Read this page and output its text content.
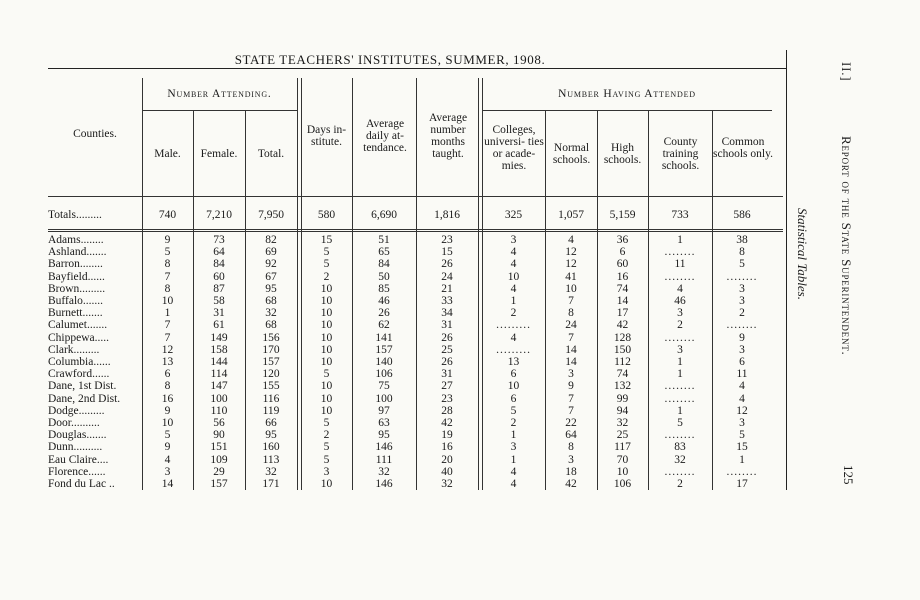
STATE TEACHERS' INSTITUTES, SUMMER, 1908.
Counties.
Number Attending.
Male.	Female.	Total.
Days in- stitute.
Average daily at- tendance.
Average number months taught.
Number Having Attended
Colleges, universi- ties or acade- mies.
Normal schools.
High schools.
County training schools.
Common schools only.
Totals.........	740	7,210	7,950	580	6,690	1,816	325	1,057	5,159	733	586
Adams........	9	73	82	15	51	23	3	4	36	1	38
Ashland.......	5	64	69	5	65	15	4	12	6	........	8
Barron........	8	84	92	5	84	26	4	12	60	11	5
Bayfield......	7	60	67	2	50	24	10	41	16	........	........
Brown.........	8	87	95	10	85	21	4	10	74	4	3
Buffalo.......	10	58	68	10	46	33	1	7	14	46	3
Burnett.......	1	31	32	10	26	34	2	8	17	3	2
Calumet.......	7	61	68	10	62	31	.........	24	42	2	........
Chippewa.....	7	149	156	10	141	26	4	7	128	........	9
Clark.........	12	158	170	10	157	25	.........	14	150	3	3
Columbia......	13	144	157	10	140	26	13	14	112	1	6
Crawford......	6	114	120	5	106	31	6	3	74	1	11
Dane, 1st Dist.	8	147	155	10	75	27	10	9	132	........	4
Dane, 2nd Dist.	16	100	116	10	100	23	6	7	99	........	4
Dodge.........	9	110	119	10	97	28	5	7	94	1	12
Door..........	10	56	66	5	63	42	2	22	32	5	3
Douglas.......	5	90	95	2	95	19	1	64	25	........	5
Dunn..........	9	151	160	5	146	16	3	8	117	83	15
Eau Claire....	4	109	113	5	111	20	1	3	70	32	1
Florence......	3	29	32	3	32	40	4	18	10	........	........
Fond du Lac ..	14	157	171	10	146	32	4	42	106	2	17
II.]
Report of the State Superintendent.
Statistical Tables.
125
